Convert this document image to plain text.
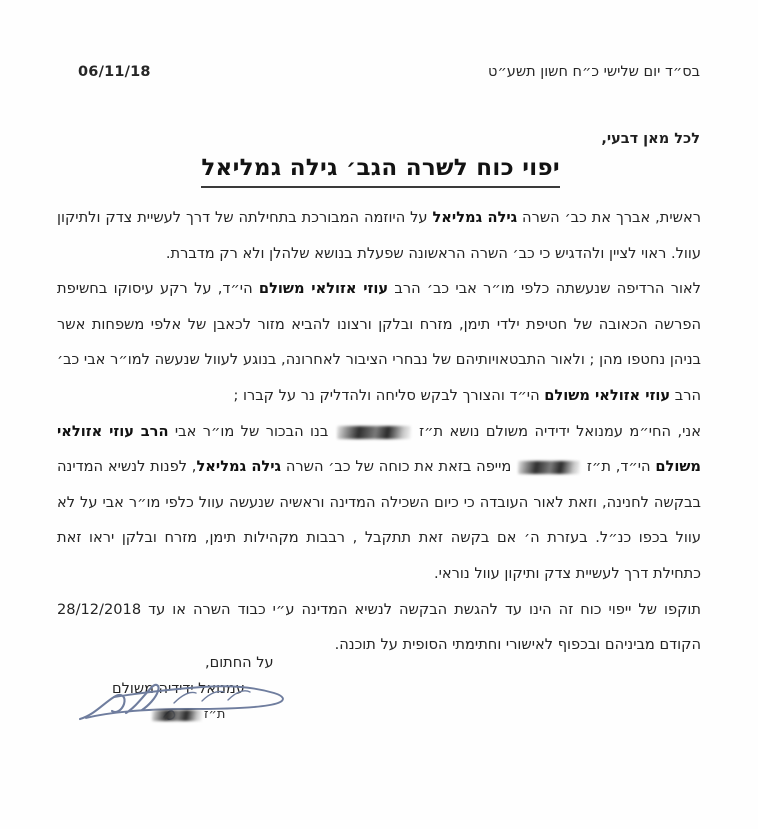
06/11/18	בס״ד יום שלישי כ״ח חשון תשע״ט
לכל מאן דבעי,
יפוי כוח לשרה הגב׳ גילה גמליאל

ראשית, אברך את כב׳ השרה גילה גמליאל על היוזמה המבורכת בתחילתה של דרך לעשיית צדק ולתיקון עוול. ראוי לציין ולהדגיש כי כב׳ השרה הראשונה שפעלת בנושא שלהלן ולא רק מדברת.

לאור הרדיפה שנעשתה כלפי מו״ר אבי כב׳ הרב עוזי אזולאי משולם הי״ד, על רקע עיסוקו בחשיפת הפרשה הכאובה של חטיפת ילדי תימן, מזרח ובלקן ורצונו להביא מזור לכאבן של אלפי משפחות אשר בניהן נחטפו מהן ; ולאור התבטאויותיהם של נבחרי הציבור לאחרונה, בנוגע לעוול שנעשה למו״ר אבי כב׳ הרב עוזי אזולאי משולם הי״ד והצורך לבקש סליחה ולהדליק נר על קברו ;

אני, החי״מ עמנואל ידידיה משולם נושא ת״ז  בנו הבכור של מו״ר אבי הרב עוזי אזולאי משולם הי״ד, ת״ז  מייפה בזאת את כוחה של כב׳ השרה גילה גמליאל, לפנות לנשיא המדינה בבקשה לחנינה, וזאת לאור העובדה כי כיום השכילה המדינה וראשיה שנעשה עוול כלפי מו״ר אבי על לא עוול בכפו כנ״ל. בעזרת ה׳ אם בקשה זאת תתקבל , רבבות מקהילות תימן, מזרח ובלקן יראו זאת כתחילת דרך לעשיית צדק ותיקון עוול נוראי.

תוקפו של ייפוי כוח זה הינו עד להגשת הבקשה לנשיא המדינה ע״י כבוד השרה או עד 28/12/2018 הקודם מביניהם ובכפוף לאישורי וחתימתי הסופית על תוכנה.

על החתום,
עמנואל ידידיה משולם
ת״ז
